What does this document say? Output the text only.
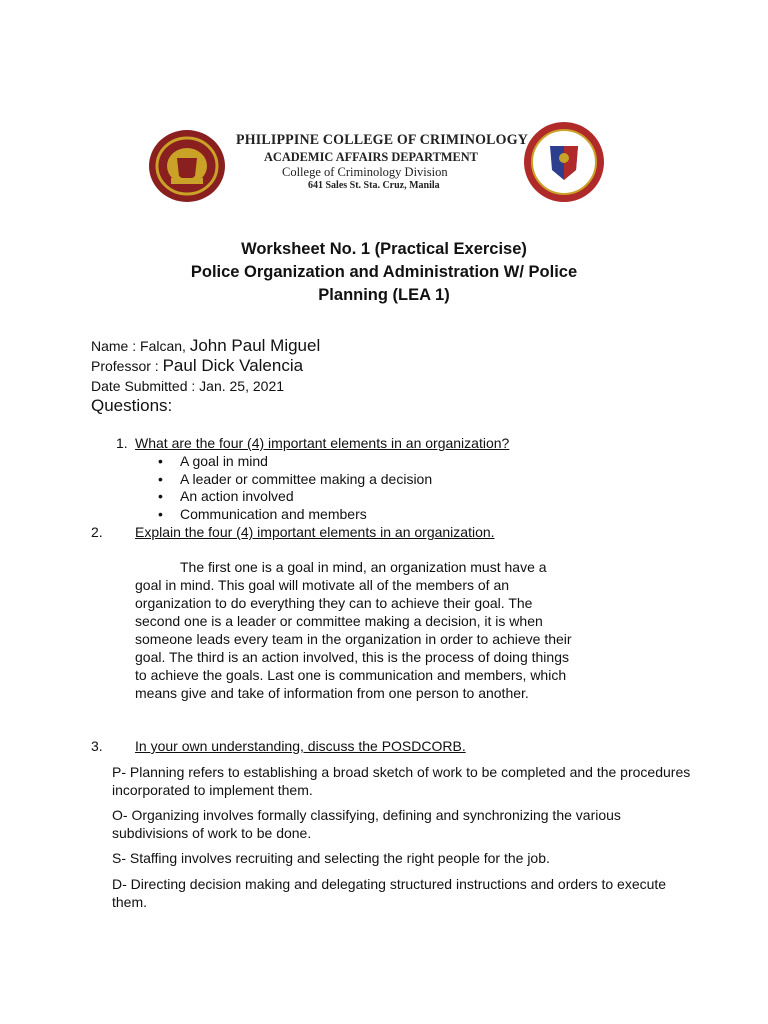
PHILIPPINE COLLEGE OF CRIMINOLOGY
ACADEMIC AFFAIRS DEPARTMENT
College of Criminology Division
641 Sales St. Sta. Cruz, Manila
Worksheet No. 1 (Practical Exercise)
Police Organization and Administration W/ Police
Planning (LEA 1)
Name : Falcan, John Paul Miguel
Professor : Paul Dick Valencia
Date Submitted : Jan. 25, 2021
Questions:
1. What are the four (4) important elements in an organization?
• A goal in mind
• A leader or committee making a decision
• An action involved
• Communication and members
2. Explain the four (4) important elements in an organization.

The first one is a goal in mind, an organization must have a goal in mind. This goal will motivate all of the members of an organization to do everything they can to achieve their goal. The second one is a leader or committee making a decision, it is when someone leads every team in the organization in order to achieve their goal. The third is an action involved, this is the process of doing things to achieve the goals. Last one is communication and members, which means give and take of information from one person to another.

3. In your own understanding, discuss the POSDCORB.
P- Planning refers to establishing a broad sketch of work to be completed and the procedures incorporated to implement them.
O- Organizing involves formally classifying, defining and synchronizing the various subdivisions of work to be done.
S- Staffing involves recruiting and selecting the right people for the job.
D- Directing decision making and delegating structured instructions and orders to execute them.
